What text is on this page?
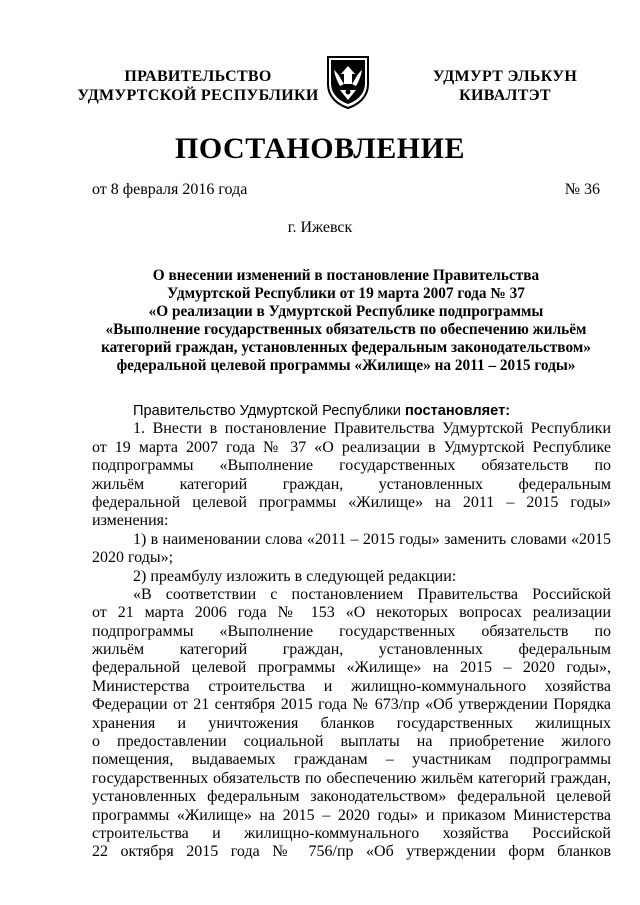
ПРАВИТЕЛЬСТВО
УДМУРТСКОЙ РЕСПУБЛИКИ
УДМУРТ ЭЛЬКУН
КИВАЛТЭТ
ПОСТАНОВЛЕНИЕ
от 8 февраля 2016 года	№ 36
г. Ижевск
О внесении изменений в постановление Правительства
Удмуртской Республики от 19 марта 2007 года № 37
«О реализации в Удмуртской Республике подпрограммы
«Выполнение государственных обязательств по обеспечению жильём
категорий граждан, установленных федеральным законодательством»
федеральной целевой программы «Жилище» на 2011 – 2015 годы»
Правительство Удмуртской Республики постановляет:
1. Внести в постановление Правительства Удмуртской Республики
от 19 марта 2007 года № 37 «О реализации в Удмуртской Республике
подпрограммы «Выполнение государственных обязательств по
жильём категорий граждан, установленных федеральным
федеральной целевой программы «Жилище» на 2011 – 2015 годы»
изменения:
1) в наименовании слова «2011 – 2015 годы» заменить словами «2015
2020 годы»;
2) преамбулу изложить в следующей редакции:
«В соответствии с постановлением Правительства Российской
от 21 марта 2006 года № 153 «О некоторых вопросах реализации
подпрограммы «Выполнение государственных обязательств по
жильём категорий граждан, установленных федеральным
федеральной целевой программы «Жилище» на 2015 – 2020 годы»,
Министерства строительства и жилищно-коммунального хозяйства
Федерации от 21 сентября 2015 года № 673/пр «Об утверждении Порядка
хранения и уничтожения бланков государственных жилищных
о предоставлении социальной выплаты на приобретение жилого
помещения, выдаваемых гражданам – участникам подпрограммы
государственных обязательств по обеспечению жильём категорий граждан,
установленных федеральным законодательством» федеральной целевой
программы «Жилище» на 2015 – 2020 годы» и приказом Министерства
строительства и жилищно-коммунального хозяйства Российской
22 октября 2015 года № 756/пр «Об утверждении форм бланков
